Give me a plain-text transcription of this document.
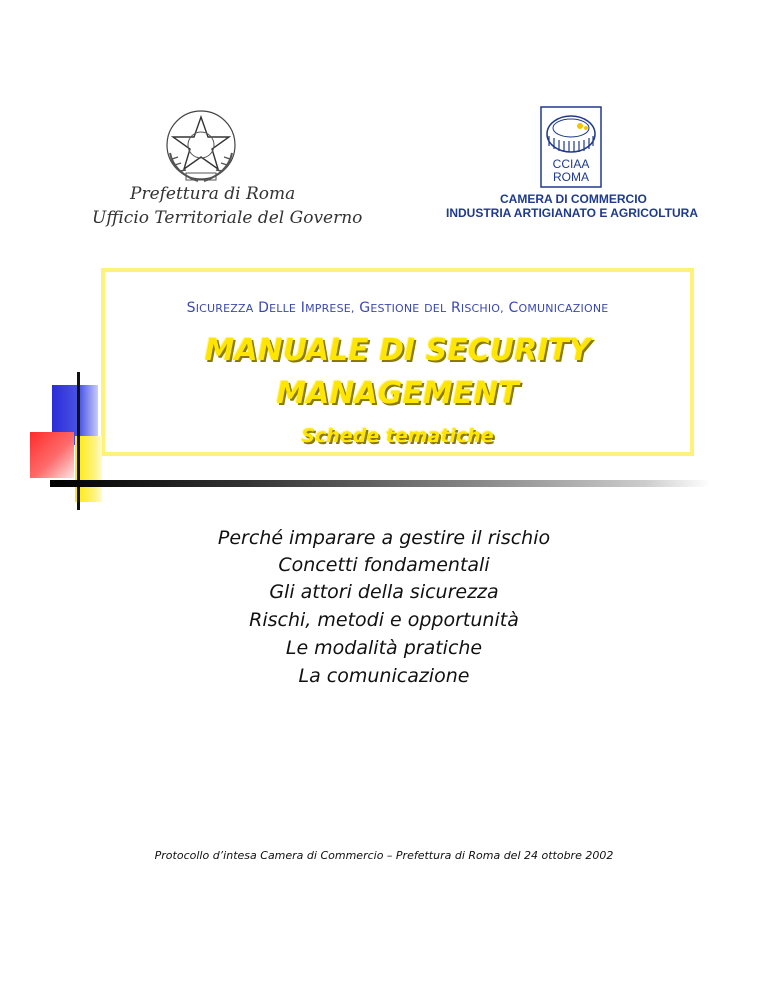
Prefettura di Roma
Ufficio Territoriale del Governo
CCIAA
ROMA
CAMERA DI COMMERCIO
INDUSTRIA ARTIGIANATO E AGRICOLTURA
SICUREZZA DELLE IMPRESE, GESTIONE DEL RISCHIO, COMUNICAZIONE
MANUALE DI SECURITY
MANAGEMENT
Schede tematiche
Perché imparare a gestire il rischio
Concetti fondamentali
Gli attori della sicurezza
Rischi, metodi e opportunità
Le modalità pratiche
La comunicazione
Protocollo d’intesa Camera di Commercio – Prefettura di Roma del 24 ottobre 2002
